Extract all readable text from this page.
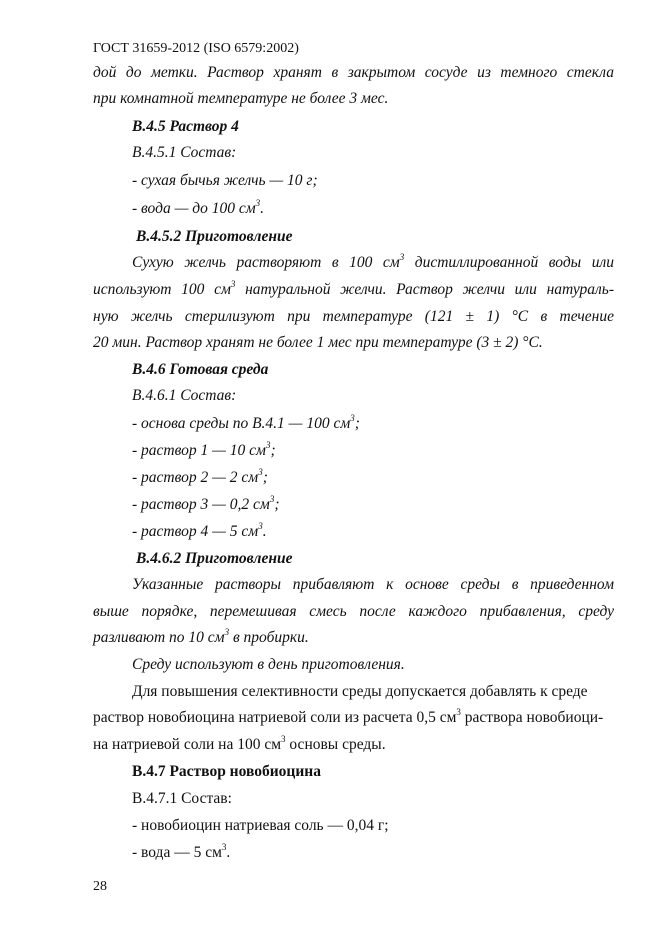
ГОСТ 31659-2012 (ISO 6579:2002)
дой до метки. Раствор хранят в закрытом сосуде из темного стекла
при комнатной температуре не более 3 мес.
В.4.5 Раствор 4
В.4.5.1 Состав:
- сухая бычья желчь — 10 г;
- вода — до 100 $см^3$.
В.4.5.2 Приготовление
Сухую желчь растворяют в 100 $см^3$ дистиллированной воды или
используют 100 $см^3$ натуральной желчи. Раствор желчи или натураль-
ную желчь стерилизуют при температуре (121 ± 1) °С в течение
20 мин. Раствор хранят не более 1 мес при температуре (3 ± 2) °С.
В.4.6 Готовая среда
В.4.6.1 Состав:
- основа среды по В.4.1 — 100 $см^3$;
- раствор 1 — 10 $см^3$;
- раствор 2 — 2 $см^3$;
- раствор 3 — 0,2 $см^3$;
- раствор 4 — 5 $см^3$.
В.4.6.2 Приготовление
Указанные растворы прибавляют к основе среды в приведенном
выше порядке, перемешивая смесь после каждого прибавления, среду
разливают по 10 $см^3$ в пробирки.
Среду используют в день приготовления.
Для повышения селективности среды допускается добавлять к среде
раствор новобиоцина натриевой соли из расчета 0,5 $см^3$ раствора новобиоци-
на натриевой соли на 100 $см^3$ основы среды.
В.4.7 Раствор новобиоцина
В.4.7.1 Состав:
- новобиоцин натриевая соль — 0,04 г;
- вода — 5 $см^3$.
28
